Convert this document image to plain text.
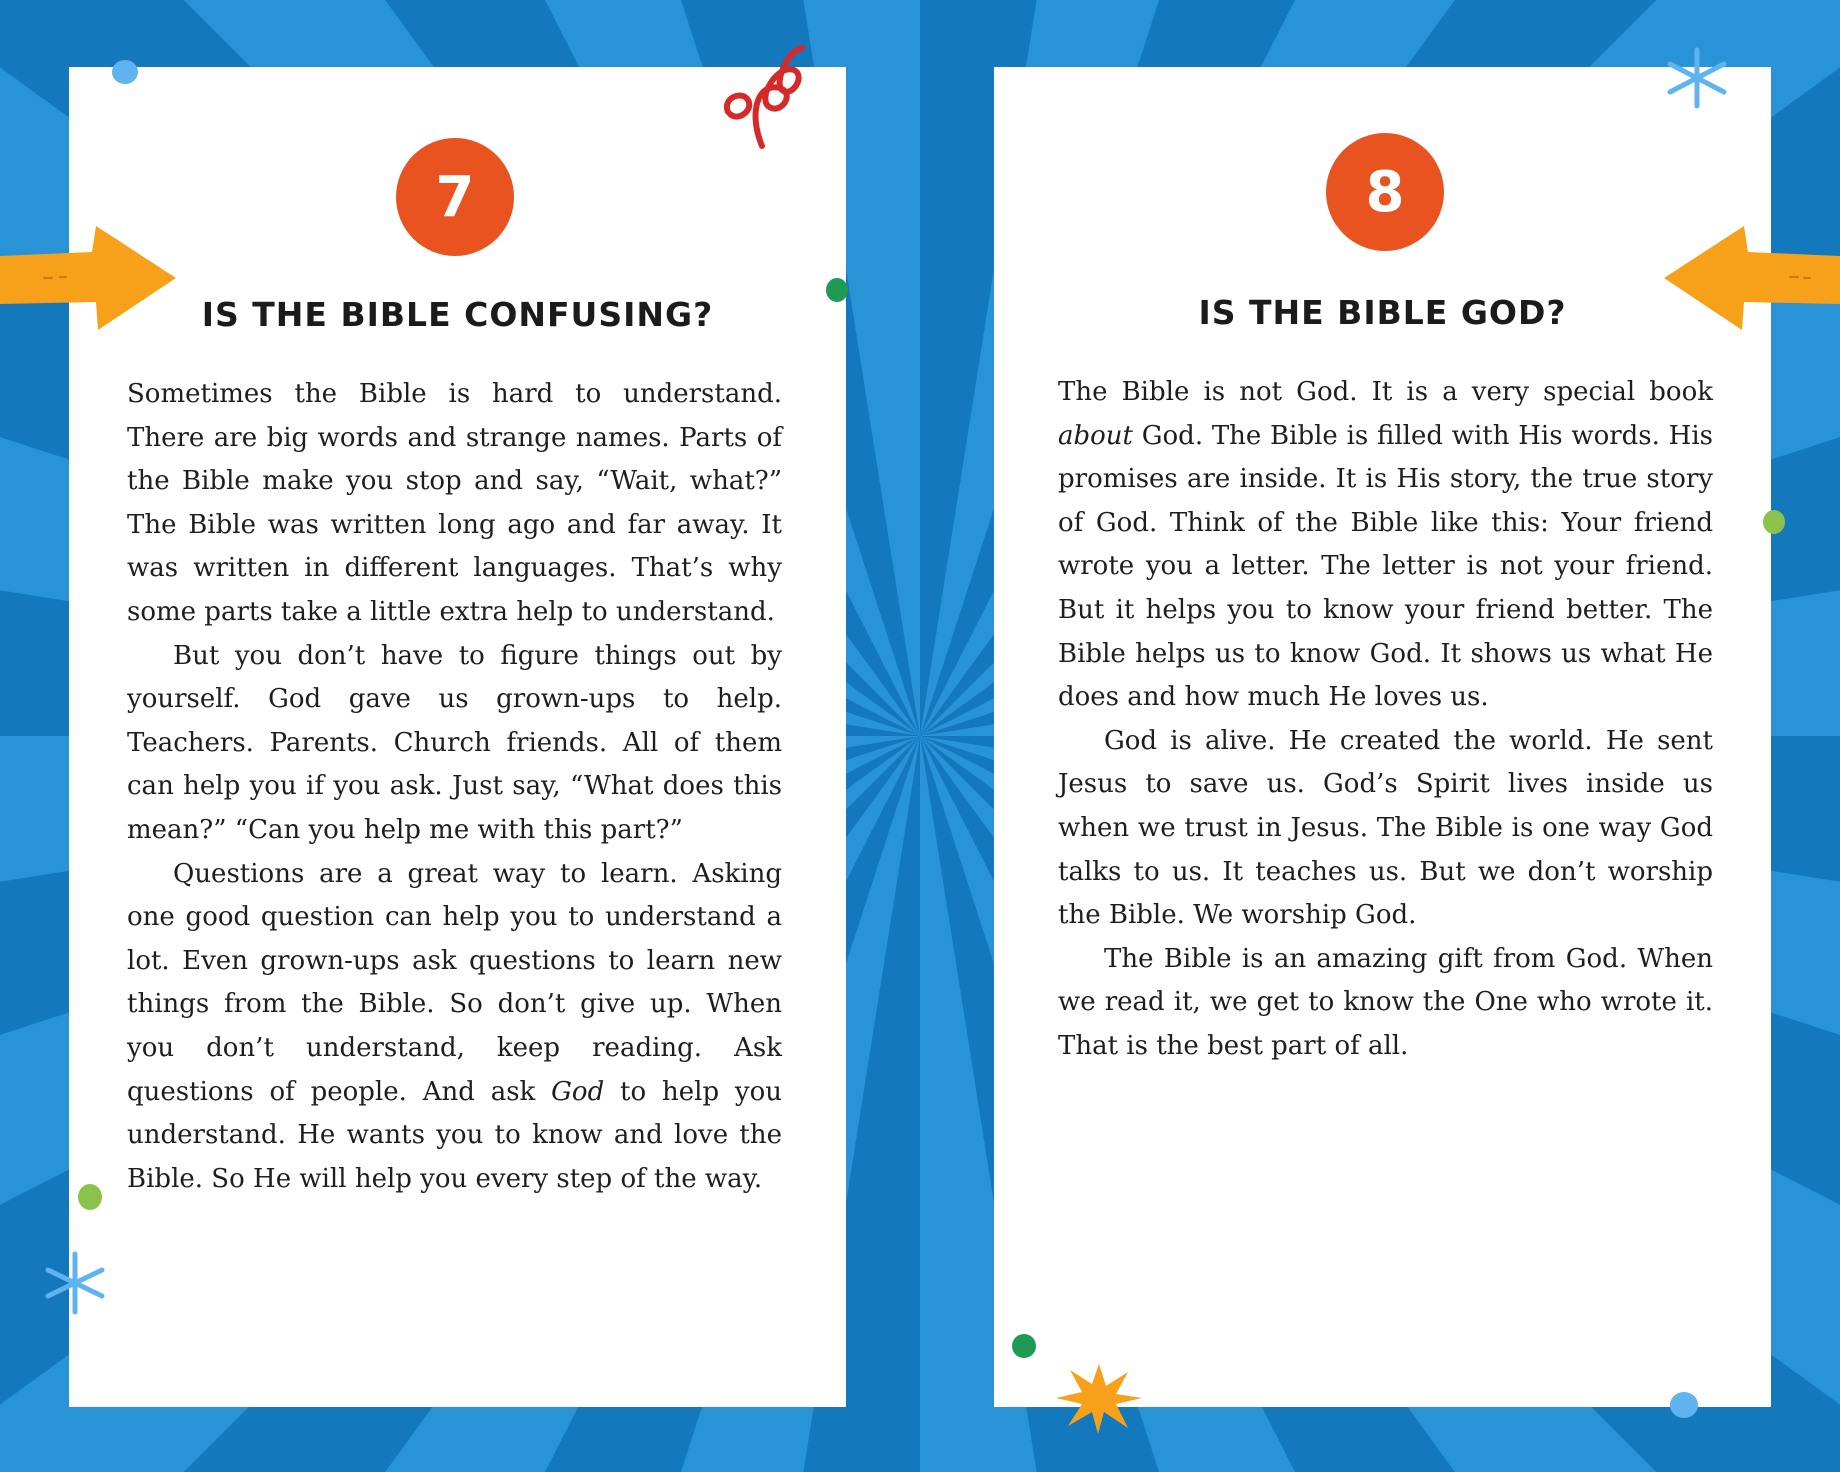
7
IS THE BIBLE CONFUSING?

Sometimes the Bible is hard to understand. There are big words and strange names. Parts of the Bible make you stop and say, “Wait, what?” The Bible was written long ago and far away. It was written in different languages. That’s why some parts take a little extra help to understand.

But you don’t have to figure things out by yourself. God gave us grown-ups to help. Teachers. Parents. Church friends. All of them can help you if you ask. Just say, “What does this mean?” “Can you help me with this part?”

Questions are a great way to learn. Asking one good question can help you to understand a lot. Even grown-ups ask questions to learn new things from the Bible. So don’t give up. When you don’t understand, keep reading. Ask questions of people. And ask God to help you understand. He wants you to know and love the Bible. So He will help you every step of the way.

8
IS THE BIBLE GOD?

The Bible is not God. It is a very special book about God. The Bible is filled with His words. His promises are inside. It is His story, the true story of God. Think of the Bible like this: Your friend wrote you a letter. The letter is not your friend. But it helps you to know your friend better. The Bible helps us to know God. It shows us what He does and how much He loves us.

God is alive. He created the world. He sent Jesus to save us. God’s Spirit lives inside us when we trust in Jesus. The Bible is one way God talks to us. It teaches us. But we don’t worship the Bible. We worship God.

The Bible is an amazing gift from God. When we read it, we get to know the One who wrote it. That is the best part of all.
